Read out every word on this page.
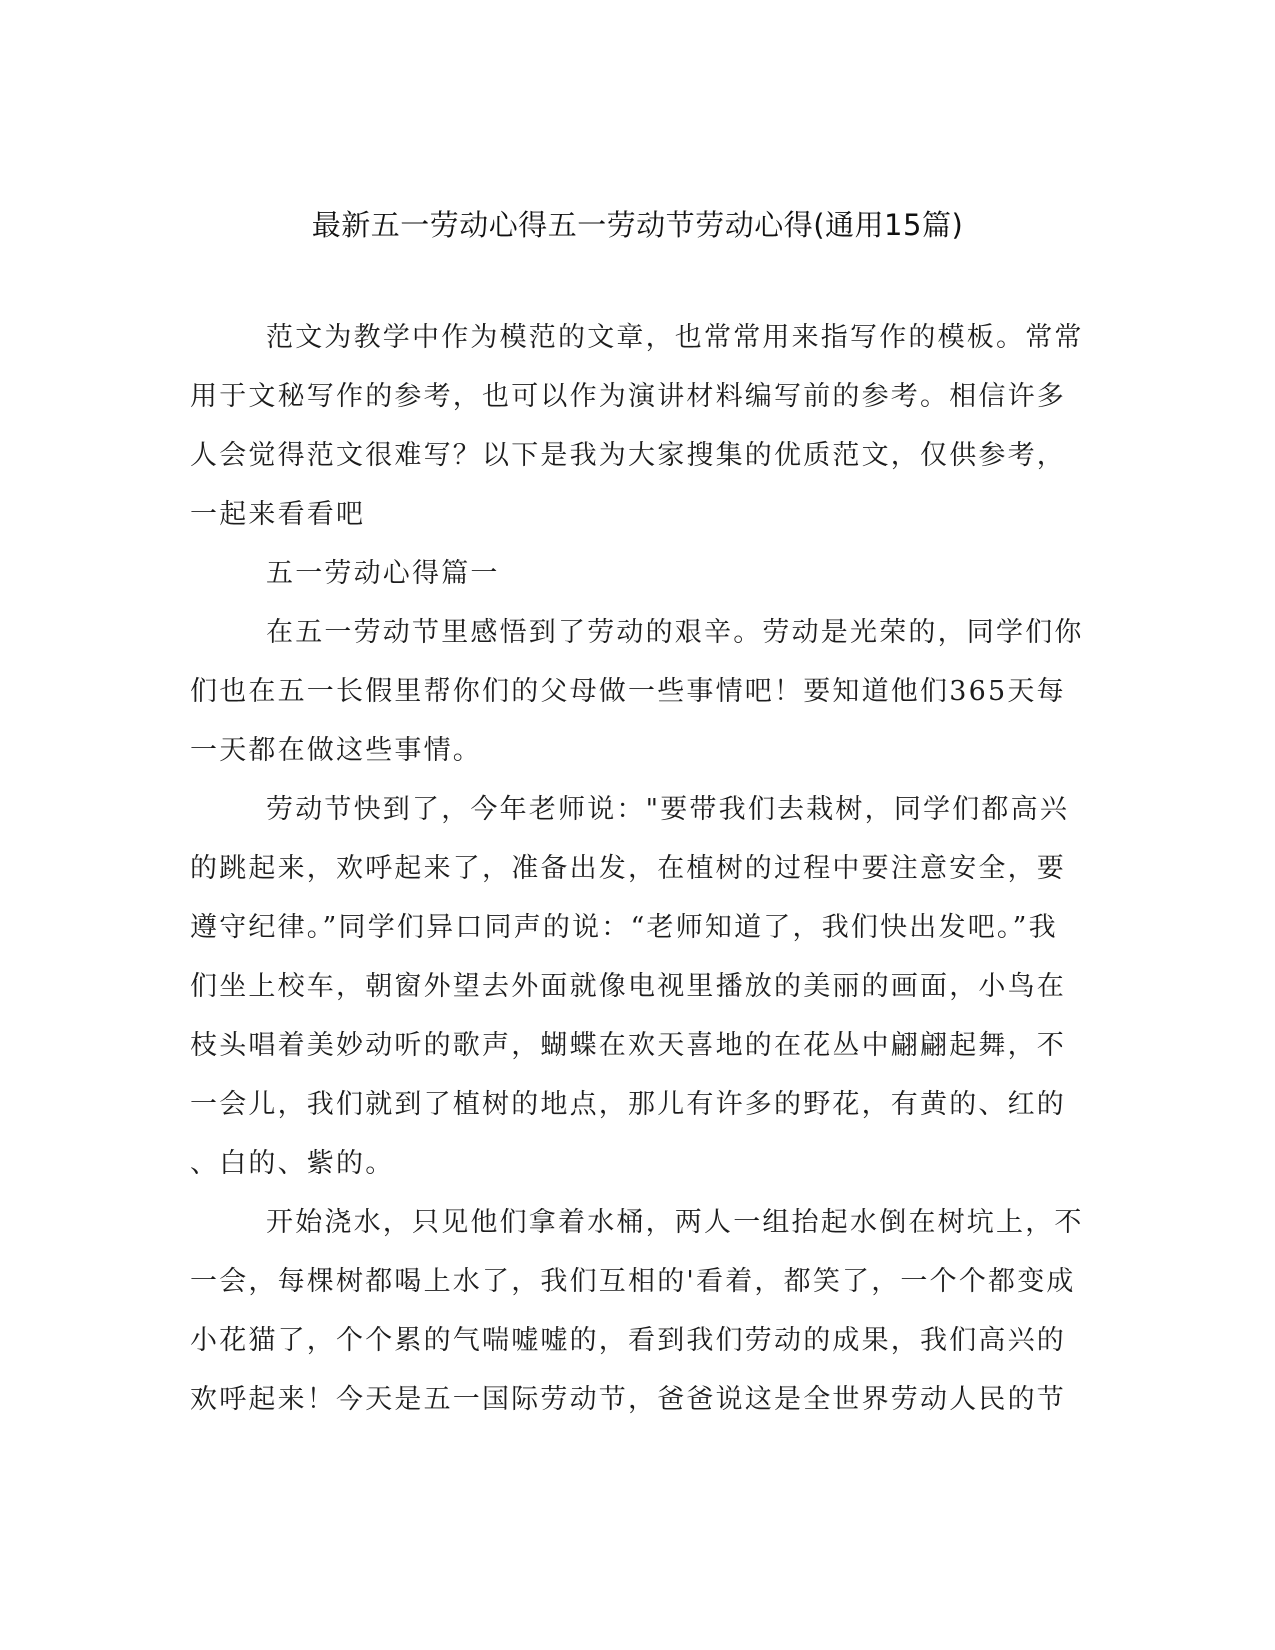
最新五一劳动心得五一劳动节劳动心得(通用15篇)
范文为教学中作为模范的文章，也常常用来指写作的模板。常常
用于文秘写作的参考，也可以作为演讲材料编写前的参考。相信许多
人会觉得范文很难写？以下是我为大家搜集的优质范文，仅供参考，
一起来看看吧
五一劳动心得篇一
在五一劳动节里感悟到了劳动的艰辛。劳动是光荣的，同学们你
们也在五一长假里帮你们的父母做一些事情吧！要知道他们365天每
一天都在做这些事情。
劳动节快到了，今年老师说："要带我们去栽树，同学们都高兴
的跳起来，欢呼起来了，准备出发，在植树的过程中要注意安全，要
遵守纪律。”同学们异口同声的说：“老师知道了，我们快出发吧。”我
们坐上校车，朝窗外望去外面就像电视里播放的美丽的画面，小鸟在
枝头唱着美妙动听的歌声，蝴蝶在欢天喜地的在花丛中翩翩起舞，不
一会儿，我们就到了植树的地点，那儿有许多的野花，有黄的、红的
、白的、紫的。
开始浇水，只见他们拿着水桶，两人一组抬起水倒在树坑上，不
一会，每棵树都喝上水了，我们互相的'看着，都笑了，一个个都变成
小花猫了，个个累的气喘嘘嘘的，看到我们劳动的成果，我们高兴的
欢呼起来！今天是五一国际劳动节，爸爸说这是全世界劳动人民的节
